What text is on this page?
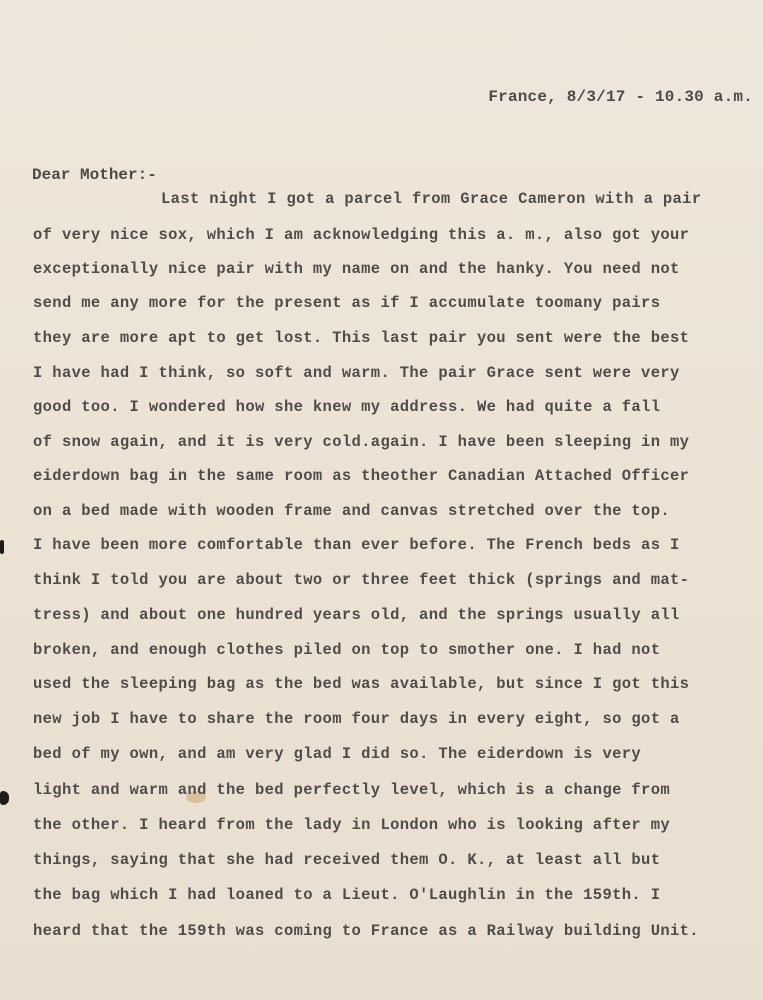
France, 8/3/17 - 10.30 a.m.
Dear Mother:-
Last night I got a parcel from Grace Cameron with a pair
of very nice sox, which I am acknowledging this a. m., also got your
exceptionally nice pair with my name on and the hanky. You need not
send me any more for the present as if I accumulate toomany pairs
they are more apt to get lost. This last pair you sent were the best
I have had I think, so soft and warm. The pair Grace sent were very
good too. I wondered how she knew my address. We had quite a fall
of snow again, and it is very cold.again. I have been sleeping in my
eiderdown bag in the same room as theother Canadian Attached Officer
on a bed made with wooden frame and canvas stretched over the top.
I have been more comfortable than ever before. The French beds as I
think I told you are about two or three feet thick (springs and mat-
tress) and about one hundred years old, and the springs usually all
broken, and enough clothes piled on top to smother one. I had not
used the sleeping bag as the bed was available, but since I got this
new job I have to share the room four days in every eight, so got a
bed of my own, and am very glad I did so. The eiderdown is very
light and warm and the bed perfectly level, which is a change from
the other. I heard from the lady in London who is looking after my
things, saying that she had received them O. K., at least all but
the bag which I had loaned to a Lieut. O'Laughlin in the 159th. I
heard that the 159th was coming to France as a Railway building Unit.
